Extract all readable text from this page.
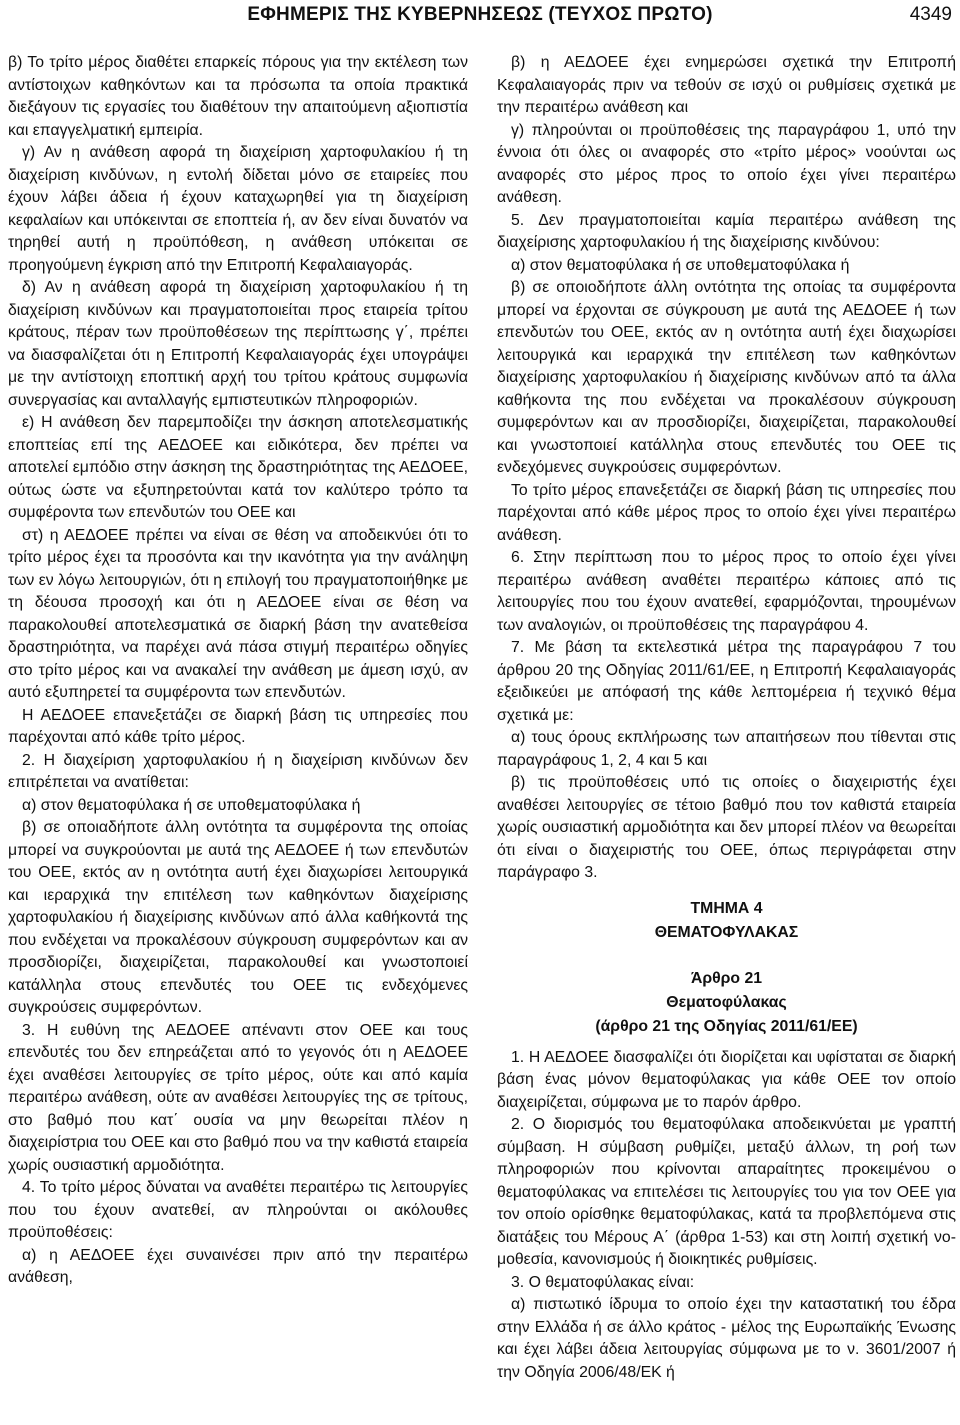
ΕΦΗΜΕΡΙΣ ΤΗΣ ΚΥΒΕΡΝΗΣΕΩΣ (ΤΕΥΧΟΣ ΠΡΩΤΟ)	4349

β) Το τρίτο μέρος διαθέτει επαρκείς πόρους για την εκτέλεση των αντίστοιχων καθηκόντων και τα πρόσωπα τα οποία πρακτικά διεξάγουν τις εργασίες του διαθέτουν την απαιτούμενη αξιοπιστία και επαγγελματική εμπειρία.

γ) Αν η ανάθεση αφορά τη διαχείριση χαρτοφυλακίου ή τη διαχείριση κινδύνων, η εντολή δίδεται μόνο σε εταιρείες που έχουν λάβει άδεια ή έχουν καταχωρηθεί για τη διαχείριση κεφαλαίων και υπόκεινται σε εποπτεία ή, αν δεν είναι δυνατόν να τηρηθεί αυτή η προϋπόθεση, η ανάθεση υπόκειται σε προηγούμενη έγκριση από την Επιτροπή Κεφαλαιαγοράς.

δ) Αν η ανάθεση αφορά τη διαχείριση χαρτοφυλακίου ή τη διαχείριση κινδύνων και πραγματοποιείται προς εταιρεία τρίτου κράτους, πέραν των προϋποθέσεων της περίπτωσης γ΄, πρέπει να διασφαλίζεται ότι η Επιτροπή Κεφαλαιαγοράς έχει υπογράψει με την αντίστοιχη εποπτική αρχή του τρίτου κράτους συμφωνία συνεργασίας και ανταλλαγής εμπιστευτικών πληροφοριών.

ε) Η ανάθεση δεν παρεμποδίζει την άσκηση αποτελεσματικής εποπτείας επί της ΑΕΔΟΕΕ και ειδικότερα, δεν πρέπει να αποτελεί εμπόδιο στην άσκηση της δραστηριότητας της ΑΕΔΟΕΕ, ούτως ώστε να εξυπηρετούνται κατά τον καλύτερο τρόπο τα συμφέροντα των επενδυτών του ΟΕΕ και

στ) η ΑΕΔΟΕΕ πρέπει να είναι σε θέση να αποδεικνύει ότι το τρίτο μέρος έχει τα προσόντα και την ικανότητα για την ανάληψη των εν λόγω λειτουργιών, ότι η επιλογή του πραγματοποιήθηκε με τη δέουσα προσοχή και ότι η ΑΕΔΟΕΕ είναι σε θέση να παρακολουθεί αποτελεσματικά σε διαρκή βάση την ανατεθείσα δραστηριότητα, να παρέχει ανά πάσα στιγμή περαιτέρω οδηγίες στο τρίτο μέρος και να ανακαλεί την ανάθεση με άμεση ισχύ, αν αυτό εξυπηρετεί τα συμφέροντα των επενδυτών.

Η ΑΕΔΟΕΕ επανεξετάζει σε διαρκή βάση τις υπηρεσίες που παρέχονται από κάθε τρίτο μέρος.

2. Η διαχείριση χαρτοφυλακίου ή η διαχείριση κινδύνων δεν επιτρέπεται να ανατίθεται:

α) στον θεματοφύλακα ή σε υποθεματοφύλακα ή

β) σε οποιαδήποτε άλλη οντότητα τα συμφέροντα της οποίας μπορεί να συγκρούονται με αυτά της ΑΕΔΟΕΕ ή των επενδυτών του ΟΕΕ, εκτός αν η οντότητα αυτή έχει διαχωρίσει λειτουργικά και ιεραρχικά την επιτέλεση των καθηκόντων διαχείρισης χαρτοφυλακίου ή διαχείρισης κινδύνων από άλλα καθήκοντά της που ενδέχεται να προκαλέσουν σύγκρουση συμφερόντων και αν προσδιορίζει, διαχειρίζεται, παρακολουθεί και γνωστοποιεί κατάλληλα στους επενδυτές του ΟΕΕ τις ενδεχόμενες συγκρούσεις συμφερόντων.

3. Η ευθύνη της ΑΕΔΟΕΕ απέναντι στον ΟΕΕ και τους επενδυτές του δεν επηρεάζεται από το γεγονός ότι η ΑΕΔΟΕΕ έχει αναθέσει λειτουργίες σε τρίτο μέρος, ούτε και από καμία περαιτέρω ανάθεση, ούτε αν αναθέσει λειτουργίες της σε τρίτους, στο βαθμό που κατ΄ ουσία να μην θεωρείται πλέον η διαχειρίστρια του ΟΕΕ και στο βαθμό που να την καθιστά εταιρεία χωρίς ουσιαστική αρμοδιότητα.

4. Το τρίτο μέρος δύναται να αναθέτει περαιτέρω τις λειτουργίες που του έχουν ανατεθεί, αν πληρούνται οι ακόλουθες προϋποθέσεις:

α) η ΑΕΔΟΕΕ έχει συναινέσει πριν από την περαιτέρω ανάθεση,

β) η ΑΕΔΟΕΕ έχει ενημερώσει σχετικά την Επιτροπή Κεφαλαιαγοράς πριν να τεθούν σε ισχύ οι ρυθμίσεις σχετικά με την περαιτέρω ανάθεση και

γ) πληρούνται οι προϋποθέσεις της παραγράφου 1, υπό την έννοια ότι όλες οι αναφορές στο «τρίτο μέρος» νοούνται ως αναφορές στο μέρος προς το οποίο έχει γίνει περαιτέρω ανάθεση.

5. Δεν πραγματοποιείται καμία περαιτέρω ανάθεση της διαχείρισης χαρτοφυλακίου ή της διαχείρισης κινδύνου:

α) στον θεματοφύλακα ή σε υποθεματοφύλακα ή

β) σε οποιοδήποτε άλλη οντότητα της οποίας τα συμφέροντα μπορεί να έρχονται σε σύγκρουση με αυτά της ΑΕΔΟΕΕ ή των επενδυτών του ΟΕΕ, εκτός αν η οντότητα αυτή έχει διαχωρίσει λειτουργικά και ιεραρχικά την επιτέλεση των καθηκόντων διαχείρισης χαρτοφυλακίου ή διαχείρισης κινδύνων από τα άλλα καθήκοντα της που ενδέχεται να προκαλέσουν σύγκρουση συμφερόντων και αν προσδιορίζει, διαχειρίζεται, παρακολουθεί και γνωστοποιεί κατάλληλα στους επενδυτές του ΟΕΕ τις ενδεχόμενες συγκρούσεις συμφερόντων.

Το τρίτο μέρος επανεξετάζει σε διαρκή βάση τις υπηρεσίες που παρέχονται από κάθε μέρος προς το οποίο έχει γίνει περαιτέρω ανάθεση.

6. Στην περίπτωση που το μέρος προς το οποίο έχει γίνει περαιτέρω ανάθεση αναθέτει περαιτέρω κάποιες από τις λειτουργίες που του έχουν ανατεθεί, εφαρμόζονται, τηρουμένων των αναλογιών, οι προϋποθέσεις της παραγράφου 4.

7. Με βάση τα εκτελεστικά μέτρα της παραγράφου 7 του άρθρου 20 της Οδηγίας 2011/61/ΕΕ, η Επιτροπή Κεφαλαιαγοράς εξειδικεύει με απόφασή της κάθε λεπτομέρεια ή τεχνικό θέμα σχετικά με:

α) τους όρους εκπλήρωσης των απαιτήσεων που τίθενται στις παραγράφους 1, 2, 4 και 5 και

β) τις προϋποθέσεις υπό τις οποίες ο διαχειριστής έχει αναθέσει λειτουργίες σε τέτοιο βαθμό που τον καθιστά εταιρεία χωρίς ουσιαστική αρμοδιότητα και δεν μπορεί πλέον να θεωρείται ότι είναι ο διαχειριστής του ΟΕΕ, όπως περιγράφεται στην παράγραφο 3.

ΤΜΗΜΑ 4

ΘΕΜΑΤΟΦΥΛΑΚΑΣ

Άρθρο 21

Θεματοφύλακας

(άρθρο 21 της Οδηγίας 2011/61/ΕΕ)

1. Η ΑΕΔΟΕΕ διασφαλίζει ότι διορίζεται και υφίσταται σε διαρκή βάση ένας μόνον θεματοφύλακας για κάθε ΟΕΕ τον οποίο διαχειρίζεται, σύμφωνα με το παρόν άρθρο.

2. Ο διορισμός του θεματοφύλακα αποδεικνύεται με γραπτή σύμβαση. Η σύμβαση ρυθμίζει, μεταξύ άλλων, τη ροή των πληροφοριών που κρίνονται απαραίτητες προκειμένου ο θεματοφύλακας να επιτελέσει τις λειτουργίες του για τον ΟΕΕ για τον οποίο ορίσθηκε θεματοφύλακας, κατά τα προβλεπόμενα στις διατάξεις του Μέρους Α΄ (άρθρα 1-53) και στη λοιπή σχετική νομοθεσία, κανονισμούς ή διοικητικές ρυθμίσεις.

3. Ο θεματοφύλακας είναι:

α) πιστωτικό ίδρυμα το οποίο έχει την καταστατική του έδρα στην Ελλάδα ή σε άλλο κράτος - μέλος της Ευρωπαϊκής Ένωσης και έχει λάβει άδεια λειτουργίας σύμφωνα με το ν. 3601/2007 ή την Οδηγία 2006/48/ΕΚ ή
